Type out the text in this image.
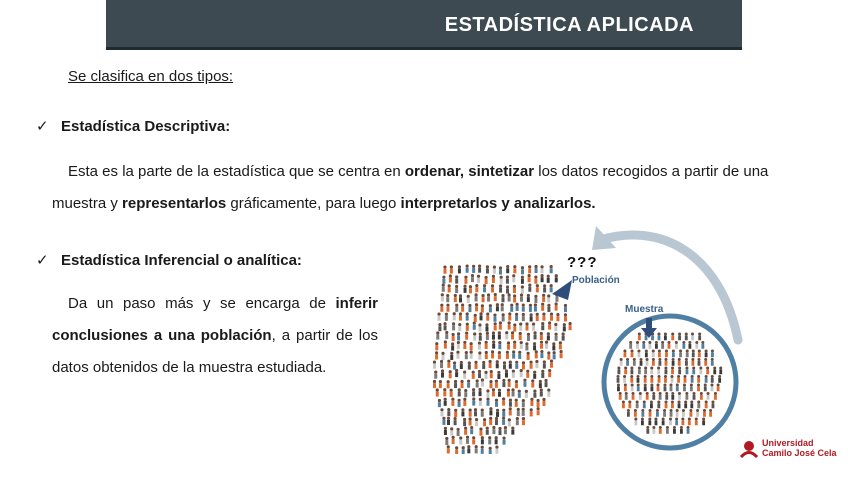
ESTADÍSTICA APLICADA
Se clasifica en dos tipos:
✓ Estadística Descriptiva:
Esta es la parte de la estadística que se centra en ordenar, sintetizar los datos recogidos a partir de una muestra y representarlos gráficamente, para luego interpretarlos y analizarlos.
✓ Estadística Inferencial o analítica:
Da un paso más y se encarga de inferir conclusiones a una población, a partir de los datos obtenidos de la muestra estudiada.
???
Población
Muestra
Universidad
Camilo José Cela
